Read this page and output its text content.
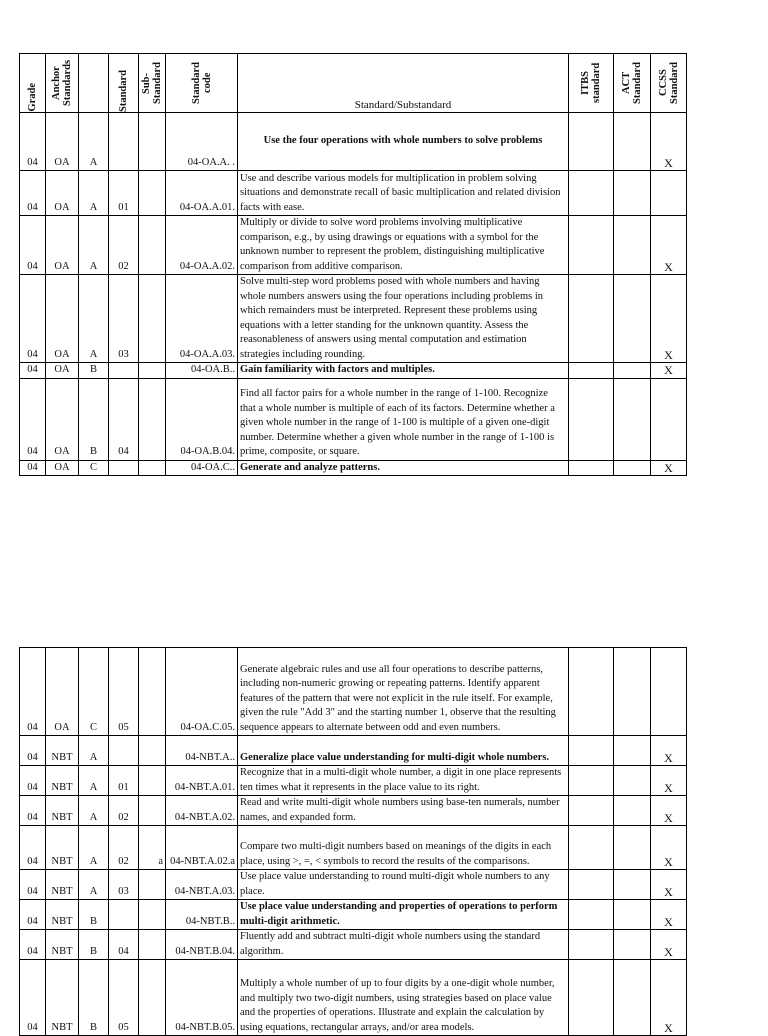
Grade	Anchor Standards		Standard	Sub-Standard	Standard code	Standard/Substandard	ITBS standard	ACT Standard	CCSS Standard

04	OA	A			04-OA.A. .	Use the four operations with whole numbers to solve problems			X
04	OA	A	01		04-OA.A.01.	Use and describe various models for multiplication in problem solving situations and demonstrate recall of basic multiplication and related division facts with ease.			
04	OA	A	02		04-OA.A.02.	Multiply or divide to solve word problems involving multiplicative comparison, e.g., by using drawings or equations with a symbol for the unknown number to represent the problem, distinguishing multiplicative comparison from additive comparison.			X
04	OA	A	03		04-OA.A.03.	Solve multi-step word problems posed with whole numbers and having whole numbers answers using the four operations including problems in which remainders must be interpreted. Represent these problems using equations with a letter standing for the unknown quantity. Assess the reasonableness of answers using mental computation and estimation strategies including rounding.			X
04	OA	B			04-OA.B..	Gain familiarity with factors and multiples.			X
04	OA	B	04		04-OA.B.04.	Find all factor pairs for a whole number in the range of 1-100. Recognize that a whole number is multiple of each of its factors. Determine whether a given whole number in the range of 1-100 is multiple of a given one-digit number. Determine whether a given whole number in the range of 1-100 is prime, composite, or square.			
04	OA	C			04-OA.C..	Generate and analyze patterns.			X
04	OA	C	05		04-OA.C.05.	Generate algebraic rules and use all four operations to describe patterns, including non-numeric growing or repeating patterns. Identify apparent features of the pattern that were not explicit in the rule itself. For example, given the rule "Add 3" and the starting number 1, observe that the resulting sequence appears to alternate between odd and even numbers.			
04	NBT	A			04-NBT.A..	Generalize place value understanding for multi-digit whole numbers.			X
04	NBT	A	01		04-NBT.A.01.	Recognize that in a multi-digit whole number, a digit in one place represents ten times what it represents in the place value to its right.			X
04	NBT	A	02		04-NBT.A.02.	Read and write multi-digit whole numbers using base-ten numerals, number names, and expanded form.			X
04	NBT	A	02	a	04-NBT.A.02.a	Compare two multi-digit numbers based on meanings of the digits in each place, using >, =, < symbols to record the results of the comparisons.			X
04	NBT	A	03		04-NBT.A.03.	Use place value understanding to round multi-digit whole numbers to any place.			X
04	NBT	B			04-NBT.B..	Use place value understanding and properties of operations to perform multi-digit arithmetic.			X
04	NBT	B	04		04-NBT.B.04.	Fluently add and subtract multi-digit whole numbers using the standard algorithm.			X
04	NBT	B	05		04-NBT.B.05.	Multiply a whole number of up to four digits by a one-digit whole number, and multiply two two-digit numbers, using strategies based on place value and the properties of operations. Illustrate and explain the calculation by using equations, rectangular arrays, and/or area models.			X
